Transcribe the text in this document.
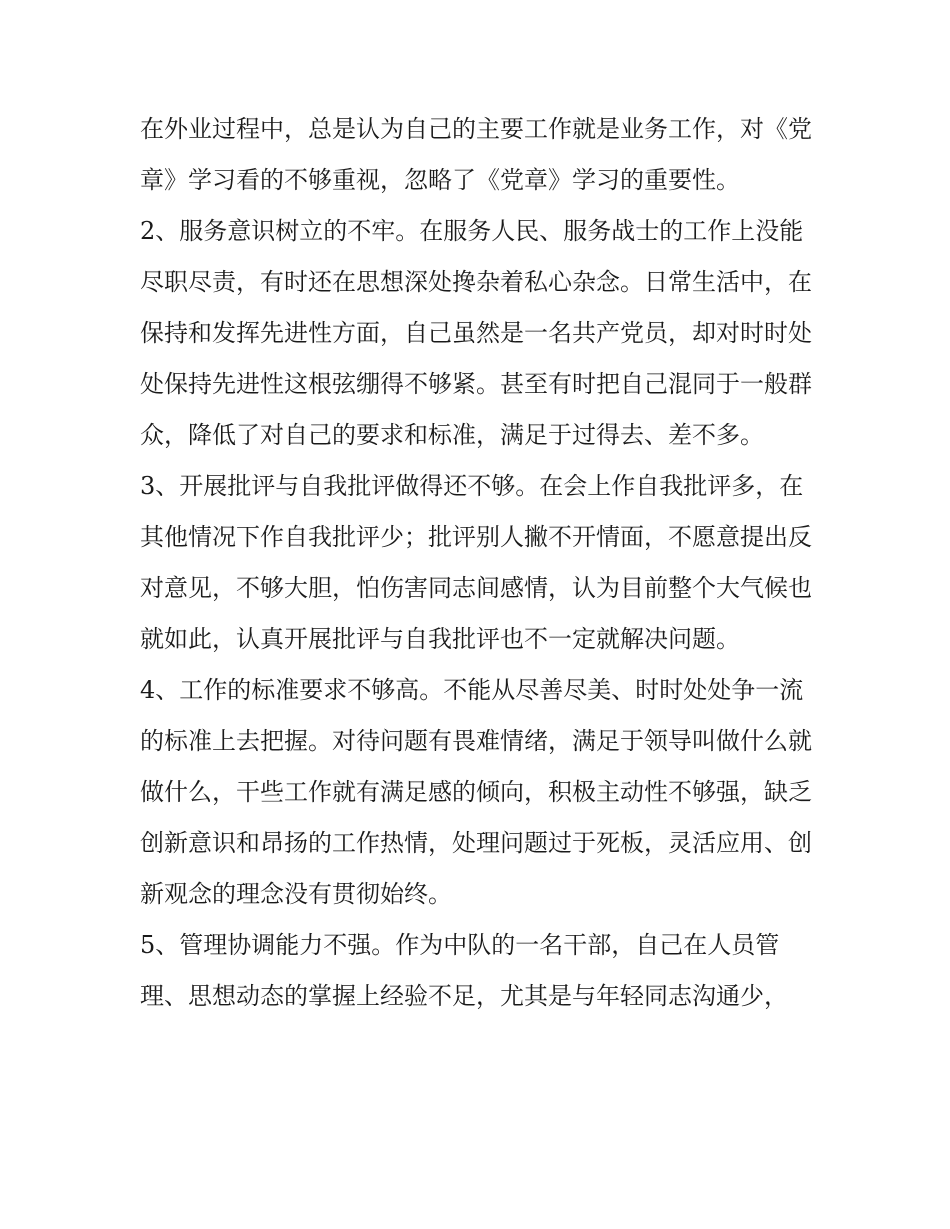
在外业过程中，总是认为自己的主要工作就是业务工作，对《党章》学习看的不够重视，忽略了《党章》学习的重要性。

2、服务意识树立的不牢。在服务人民、服务战士的工作上没能尽职尽责，有时还在思想深处搀杂着私心杂念。日常生活中，在保持和发挥先进性方面，自己虽然是一名共产党员，却对时时处处保持先进性这根弦绷得不够紧。甚至有时把自己混同于一般群众，降低了对自己的要求和标准，满足于过得去、差不多。

3、开展批评与自我批评做得还不够。在会上作自我批评多，在其他情况下作自我批评少；批评别人撇不开情面，不愿意提出反对意见，不够大胆，怕伤害同志间感情，认为目前整个大气候也就如此，认真开展批评与自我批评也不一定就解决问题。

4、工作的标准要求不够高。不能从尽善尽美、时时处处争一流的标准上去把握。对待问题有畏难情绪，满足于领导叫做什么就做什么，干些工作就有满足感的倾向，积极主动性不够强，缺乏创新意识和昂扬的工作热情，处理问题过于死板，灵活应用、创新观念的理念没有贯彻始终。

5、管理协调能力不强。作为中队的一名干部，自己在人员管理、思想动态的掌握上经验不足，尤其是与年轻同志沟通少，
